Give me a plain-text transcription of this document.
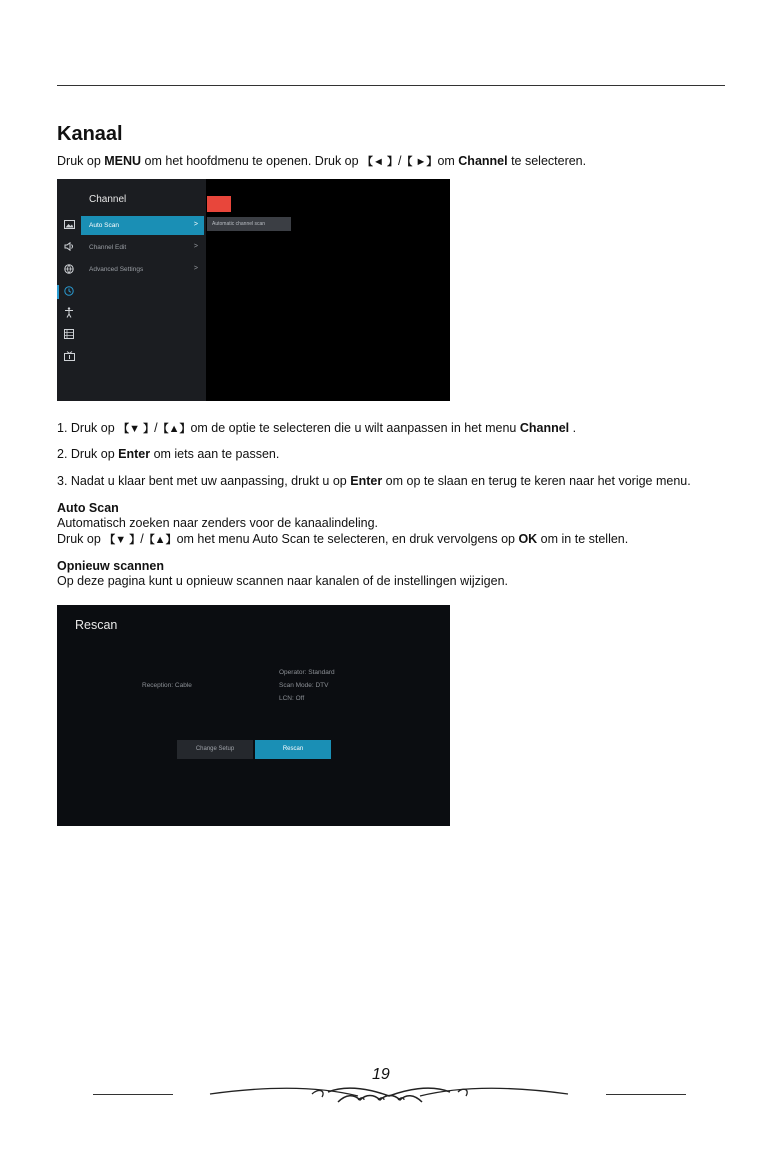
Kanaal
Druk op MENU om het hoofdmenu te openen. Druk op 【◄ 】/【 ►】om Channel te selecteren.
Channel
Auto Scan	>
Channel Edit	>
Advanced Settings	>
Automatic channel scan
1. Druk op 【▼ 】/【▲】om de optie te selecteren die u wilt aanpassen in het menu Channel .
2. Druk op Enter om iets aan te passen.
3. Nadat u klaar bent met uw aanpassing, drukt u op Enter om op te slaan en terug te keren naar het vorige menu.
Auto Scan
Automatisch zoeken naar zenders voor de kanaalindeling.
Druk op 【▼ 】/【▲】om het menu Auto Scan te selecteren, en druk vervolgens op OK om in te stellen.
Opnieuw scannen
Op deze pagina kunt u opnieuw scannen naar kanalen of de instellingen wijzigen.
Rescan
Reception: Cable
Operator: Standard
Scan Mode: DTV
LCN: Off
Change Setup	Rescan
19
